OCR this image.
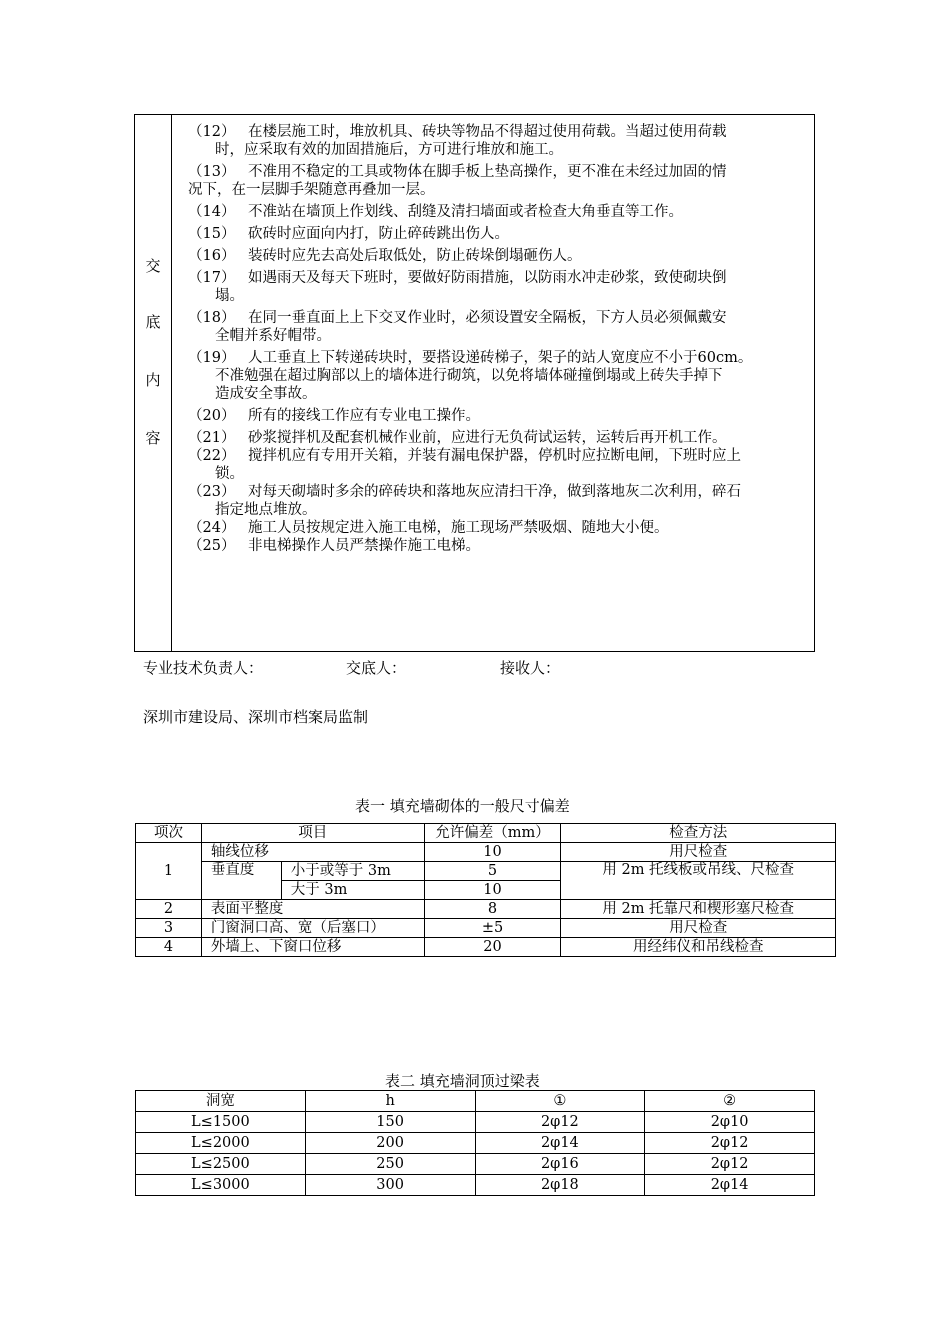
交
底
内
容
（12） 在楼层施工时，堆放机具、砖块等物品不得超过使用荷载。当超过使用荷载
时，应采取有效的加固措施后，方可进行堆放和施工。
（13） 不准用不稳定的工具或物体在脚手板上垫高操作，更不准在未经过加固的情
况下，在一层脚手架随意再叠加一层。
（14） 不准站在墙顶上作划线、刮缝及清扫墙面或者检查大角垂直等工作。
（15） 砍砖时应面向内打，防止碎砖跳出伤人。
（16） 装砖时应先去高处后取低处，防止砖垛倒塌砸伤人。
（17） 如遇雨天及每天下班时，要做好防雨措施，以防雨水冲走砂浆，致使砌块倒
塌。
（18） 在同一垂直面上上下交叉作业时，必须设置安全隔板，下方人员必须佩戴安
全帽并系好帽带。
（19） 人工垂直上下转递砖块时，要搭设递砖梯子，架子的站人宽度应不小于60cm。
不准勉强在超过胸部以上的墙体进行砌筑，以免将墙体碰撞倒塌或上砖失手掉下
造成安全事故。
（20） 所有的接线工作应有专业电工操作。
（21） 砂浆搅拌机及配套机械作业前，应进行无负荷试运转，运转后再开机工作。
（22） 搅拌机应有专用开关箱，并装有漏电保护器，停机时应拉断电闸，下班时应上
锁。
（23） 对每天砌墙时多余的碎砖块和落地灰应清扫干净，做到落地灰二次利用，碎石
指定地点堆放。
（24） 施工人员按规定进入施工电梯，施工现场严禁吸烟、随地大小便。
（25） 非电梯操作人员严禁操作施工电梯。
专业技术负责人：	交底人：	接收人：
深圳市建设局、深圳市档案局监制
表一 填充墙砌体的一般尺寸偏差
项次	项目		允许偏差（mm）	检查方法
1	轴线位移		10	用尺检查
	垂直度	小于或等于 3m	5	用 2m 托线板或吊线、尺检查
		大于 3m	10	
2	表面平整度		8	用 2m 托靠尺和楔形塞尺检查
3	门窗洞口高、宽（后塞口）		±5	用尺检查
4	外墙上、下窗口位移		20	用经纬仪和吊线检查
表二 填充墙洞顶过梁表
洞宽	h	①	②
L≤1500	150	2φ12	2φ10
L≤2000	200	2φ14	2φ12
L≤2500	250	2φ16	2φ12
L≤3000	300	2φ18	2φ14
